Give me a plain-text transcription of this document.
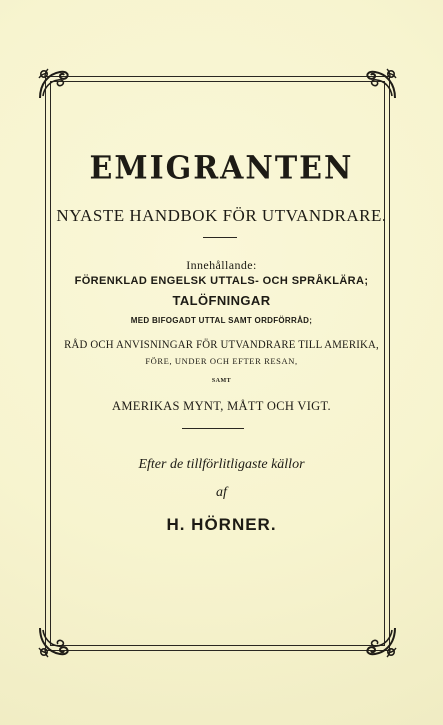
EMIGRANTEN
NYASTE HANDBOK FÖR UTVANDRARE.
Innehållande:
FÖRENKLAD ENGELSK UTTALS- OCH SPRÅKLÄRA;
TALÖFNINGAR
MED BIFOGADT UTTAL SAMT ORDFÖRRÅD;
RÅD OCH ANVISNINGAR FÖR UTVANDRARE TILL AMERIKA,
FÖRE, UNDER OCH EFTER RESAN,
SAMT
AMERIKAS MYNT, MÅTT OCH VIGT.
Efter de tillförlitligaste källor
af
H. HÖRNER.
